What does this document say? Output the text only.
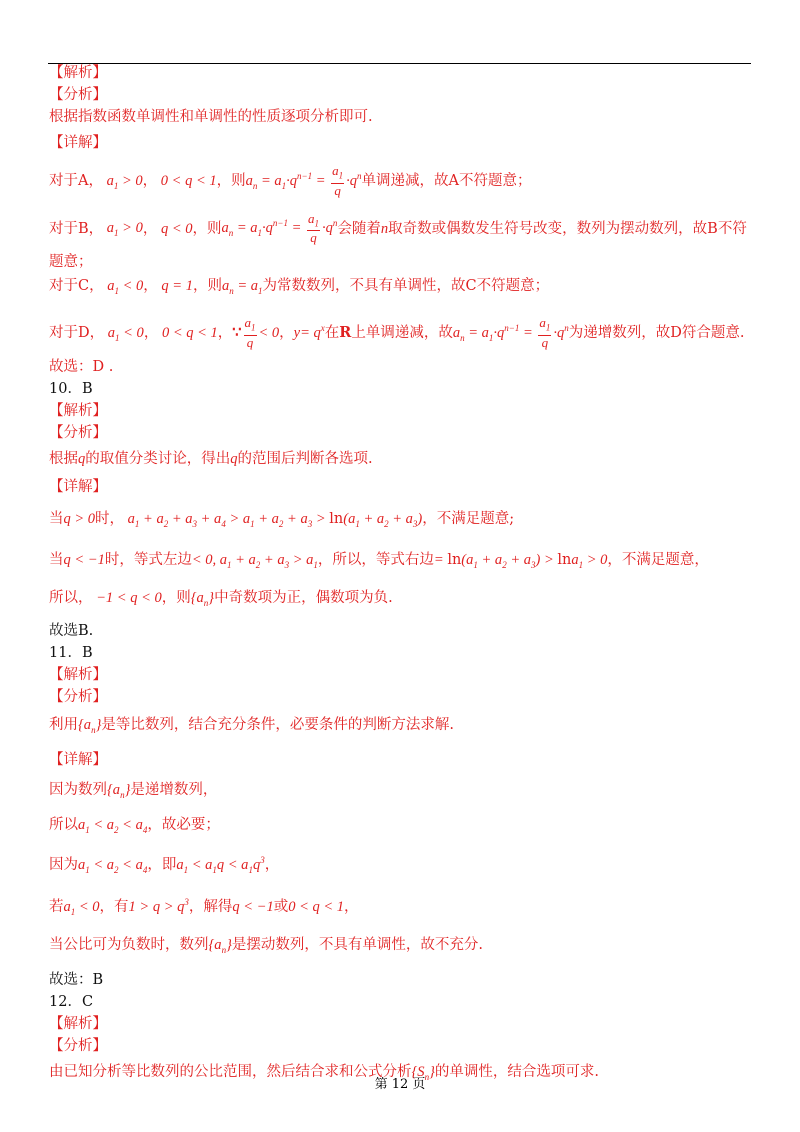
【解析】
【分析】
根据指数函数单调性和单调性的性质逐项分析即可.
【详解】
对于A， $a_1 > 0$， 0 < q < 1，则$a_n = a_1\cdot q^{n-1} = \frac{a_1}{q} \cdot q^n$单调递减，故A不符题意；
对于B， $a_1 > 0$， q < 0，则$a_n = a_1\cdot q^{n-1} = \frac{a_1}{q} \cdot q^n$会随着n取奇数或偶数发生符号改变，数列为摆动数列，故B不符
题意；
对于C， $a_1 < 0$， q = 1，则$a_n = a_1$为常数数列，不具有单调性，故C不符题意；
对于D， $a_1 < 0$， 0 < q < 1，∵ $\frac{a_1}{q} < 0$，$y= q^x$在R上单调递减，故$a_n = a_1\cdot q^{n-1} = \frac{a_1}{q} \cdot q^n$为递增数列，故D符合题意.
故选：D .
10．B
【解析】
【分析】
根据q的取值分类讨论，得出q的范围后判断各选项.
【详解】
当q > 0时， $a_1 + a_2 + a_3 + a_4 > a_1 + a_2 + a_3 > \ln(a_1 + a_2 + a_3)$，不满足题意;
当q < −1时，等式左边< 0, $a_1 + a_2 + a_3 > a_1$，所以，等式右边= $\ln(a_1 + a_2 + a_3) > \ln a_1 > 0$，不满足题意，
所以， −1 < q < 0，则$\{a_n\}$中奇数项为正，偶数项为负.
故选B.
11．B
【解析】
【分析】
利用$\{a_n\}$是等比数列，结合充分条件，必要条件的判断方法求解.
【详解】
因为数列$\{a_n\}$是递增数列，
所以$a_1 < a_2 < a_4$，故必要；
因为$a_1 < a_2 < a_4$，即$a_1 < a_1q < a_1q^3$，
若$a_1 < 0$，有$1 > q > q^3$，解得q < −1或0 < q < 1，
当公比可为负数时，数列$\{a_n\}$是摆动数列，不具有单调性，故不充分.
故选：B
12．C
【解析】
【分析】
由已知分析等比数列的公比范围，然后结合求和公式分析$\{S_n\}$的单调性，结合选项可求.
第 12 页
